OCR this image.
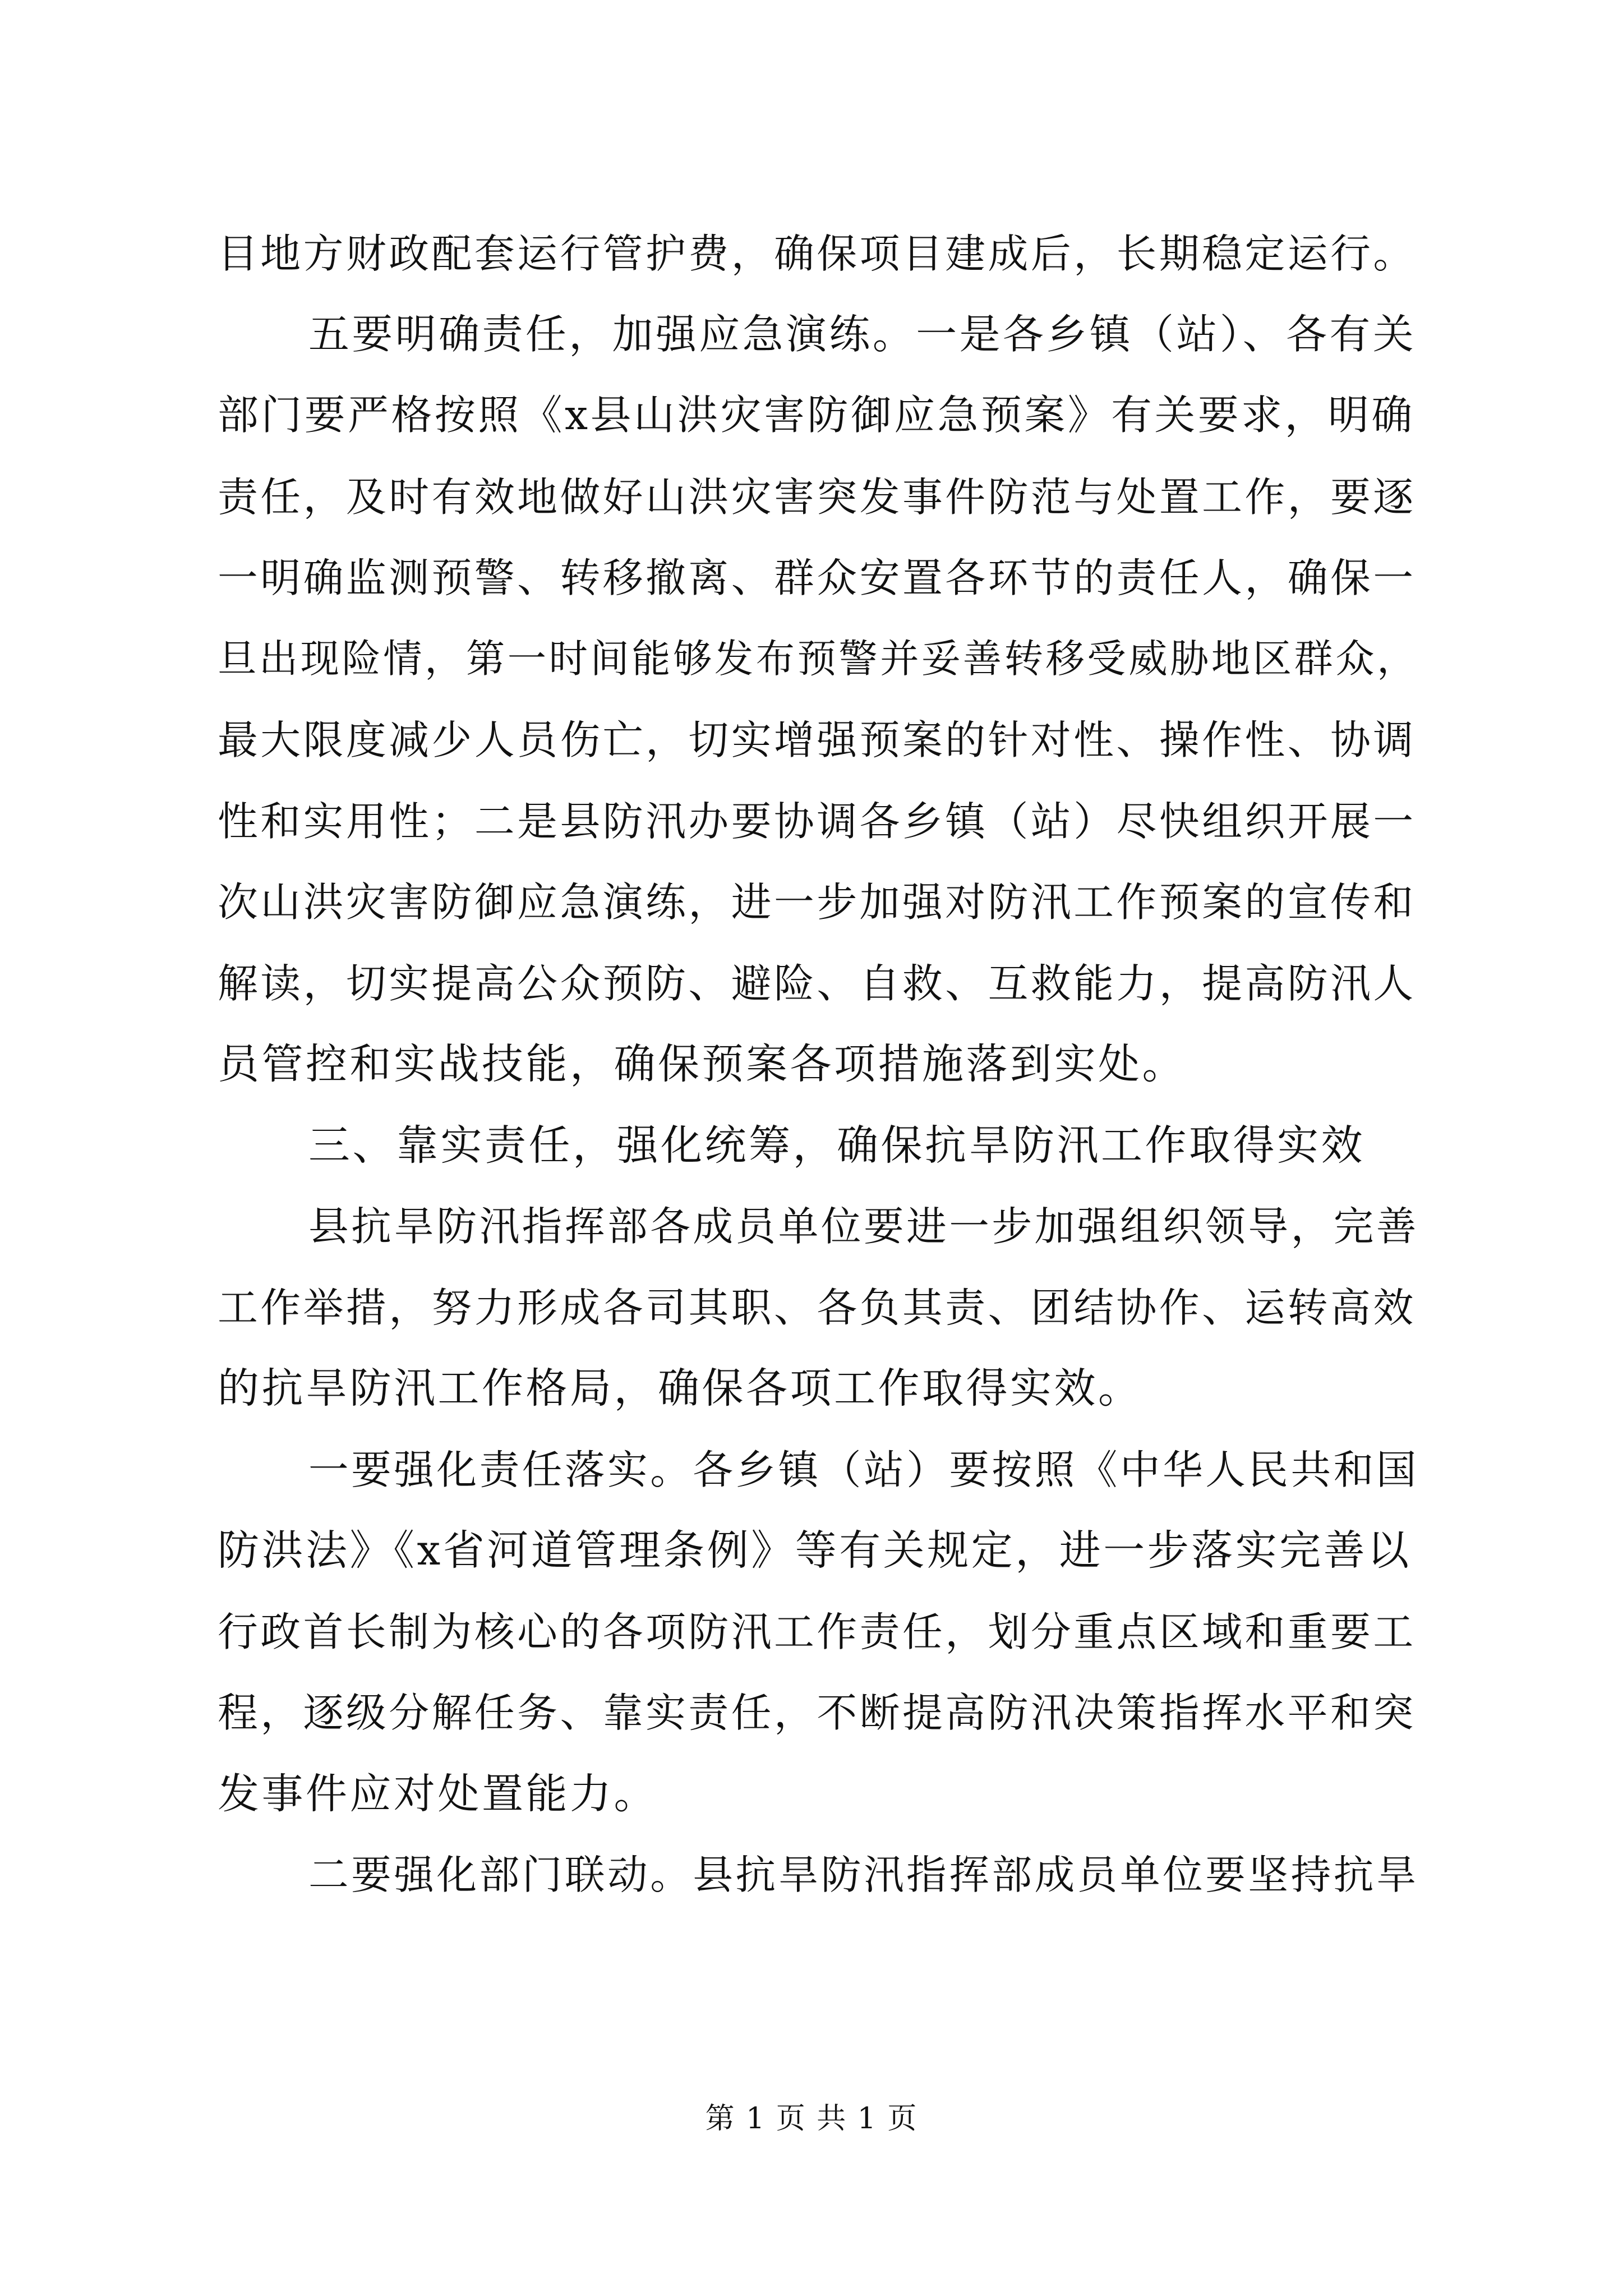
目地方财政配套运行管护费，确保项目建成后，长期稳定运行。
五要明确责任，加强应急演练。一是各乡镇（站）、各有关
部门要严格按照《x县山洪灾害防御应急预案》有关要求，明确
责任，及时有效地做好山洪灾害突发事件防范与处置工作，要逐
一明确监测预警、转移撤离、群众安置各环节的责任人，确保一
旦出现险情，第一时间能够发布预警并妥善转移受威胁地区群众，
最大限度减少人员伤亡，切实增强预案的针对性、操作性、协调
性和实用性；二是县防汛办要协调各乡镇（站）尽快组织开展一
次山洪灾害防御应急演练，进一步加强对防汛工作预案的宣传和
解读，切实提高公众预防、避险、自救、互救能力，提高防汛人
员管控和实战技能，确保预案各项措施落到实处。
三、靠实责任，强化统筹，确保抗旱防汛工作取得实效
县抗旱防汛指挥部各成员单位要进一步加强组织领导，完善
工作举措，努力形成各司其职、各负其责、团结协作、运转高效
的抗旱防汛工作格局，确保各项工作取得实效。
一要强化责任落实。各乡镇（站）要按照《中华人民共和国
防洪法》《x省河道管理条例》等有关规定，进一步落实完善以
行政首长制为核心的各项防汛工作责任，划分重点区域和重要工
程，逐级分解任务、靠实责任，不断提高防汛决策指挥水平和突
发事件应对处置能力。
二要强化部门联动。县抗旱防汛指挥部成员单位要坚持抗旱
第 1 页 共 1 页
